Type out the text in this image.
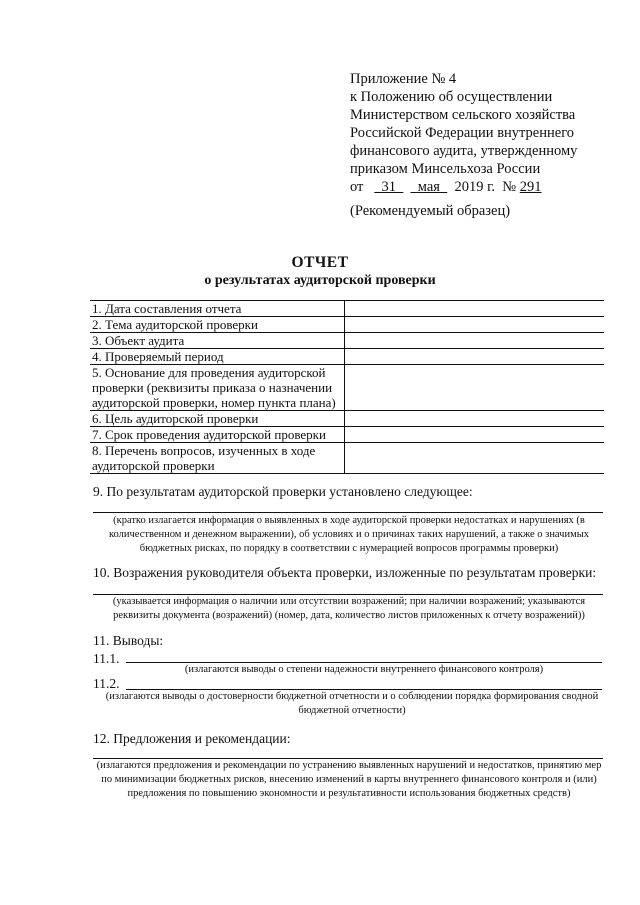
Приложение № 4
к Положению об осуществлении
Министерством сельского хозяйства
Российской Федерации внутреннего
финансового аудита, утвержденному
приказом Минсельхоза России
от 31 мая 2019 г. № 291
(Рекомендуемый образец)
ОТЧЕТ
о результатах аудиторской проверки
1. Дата составления отчета	
2. Тема аудиторской проверки	
3. Объект аудита	
4. Проверяемый период	
5. Основание для проведения аудиторской проверки (реквизиты приказа о назначении аудиторской проверки, номер пункта плана)	
6. Цель аудиторской проверки	
7. Срок проведения аудиторской проверки	
8. Перечень вопросов, изученных в ходе аудиторской проверки	
9. По результатам аудиторской проверки установлено следующее:
(кратко излагается информация о выявленных в ходе аудиторской проверки недостатках и нарушениях (в количественном и денежном выражении), об условиях и о причинах таких нарушений, а также о значимых бюджетных рисках, по порядку в соответствии с нумерацией вопросов программы проверки)
10. Возражения руководителя объекта проверки, изложенные по результатам проверки:
(указывается информация о наличии или отсутствии возражений; при наличии возражений; указываются реквизиты документа (возражений) (номер, дата, количество листов приложенных к отчету возражений))
11. Выводы:
11.1.
(излагаются выводы о степени надежности внутреннего финансового контроля)
11.2.
(излагаются выводы о достоверности бюджетной отчетности и о соблюдении порядка формирования сводной бюджетной отчетности)
12. Предложения и рекомендации:
(излагаются предложения и рекомендации по устранению выявленных нарушений и недостатков, принятию мер по минимизации бюджетных рисков, внесению изменений в карты внутреннего финансового контроля и (или) предложения по повышению экономности и результативности использования бюджетных средств)
